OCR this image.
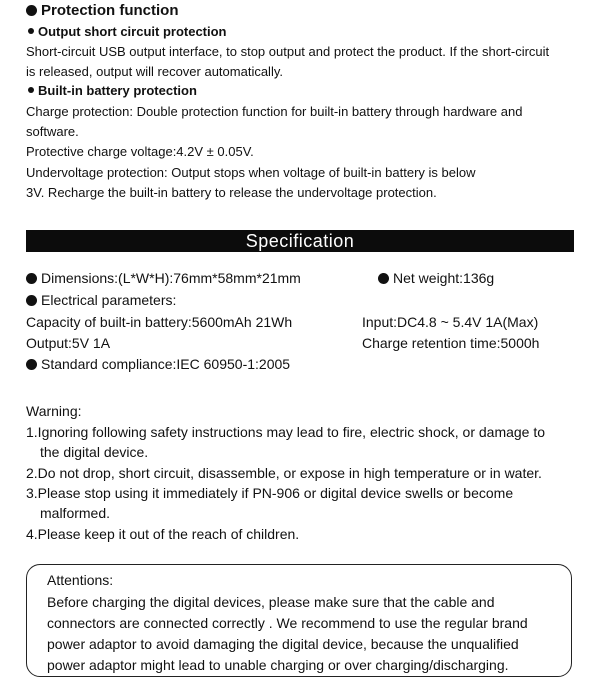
Protection function
Output short circuit protection
Short-circuit USB output interface, to stop output and protect the product. If the short-circuit
is released, output will recover automatically.
Built-in battery protection
Charge protection: Double protection function for built-in battery through hardware and
software.
Protective charge voltage:4.2V ± 0.05V.
Undervoltage protection: Output stops when voltage of built-in battery is below
3V. Recharge the built-in battery to release the undervoltage protection.
Specification
Dimensions:(L*W*H):76mm*58mm*21mm	Net weight:136g
Electrical parameters:
Capacity of built-in battery:5600mAh 21Wh	Input:DC4.8 ~ 5.4V 1A(Max)
Output:5V 1A	Charge retention time:5000h
Standard compliance:IEC 60950-1:2005
Warning:
1.Ignoring following safety instructions may lead to fire, electric shock, or damage to
the digital device.
2.Do not drop, short circuit, disassemble, or expose in high temperature or in water.
3.Please stop using it immediately if PN-906 or digital device swells or become
malformed.
4.Please keep it out of the reach of children.
Attentions:
Before charging the digital devices, please make sure that the cable and
connectors are connected correctly . We recommend to use the regular brand
power adaptor to avoid damaging the digital device, because the unqualified
power adaptor might lead to unable charging or over charging/discharging.
